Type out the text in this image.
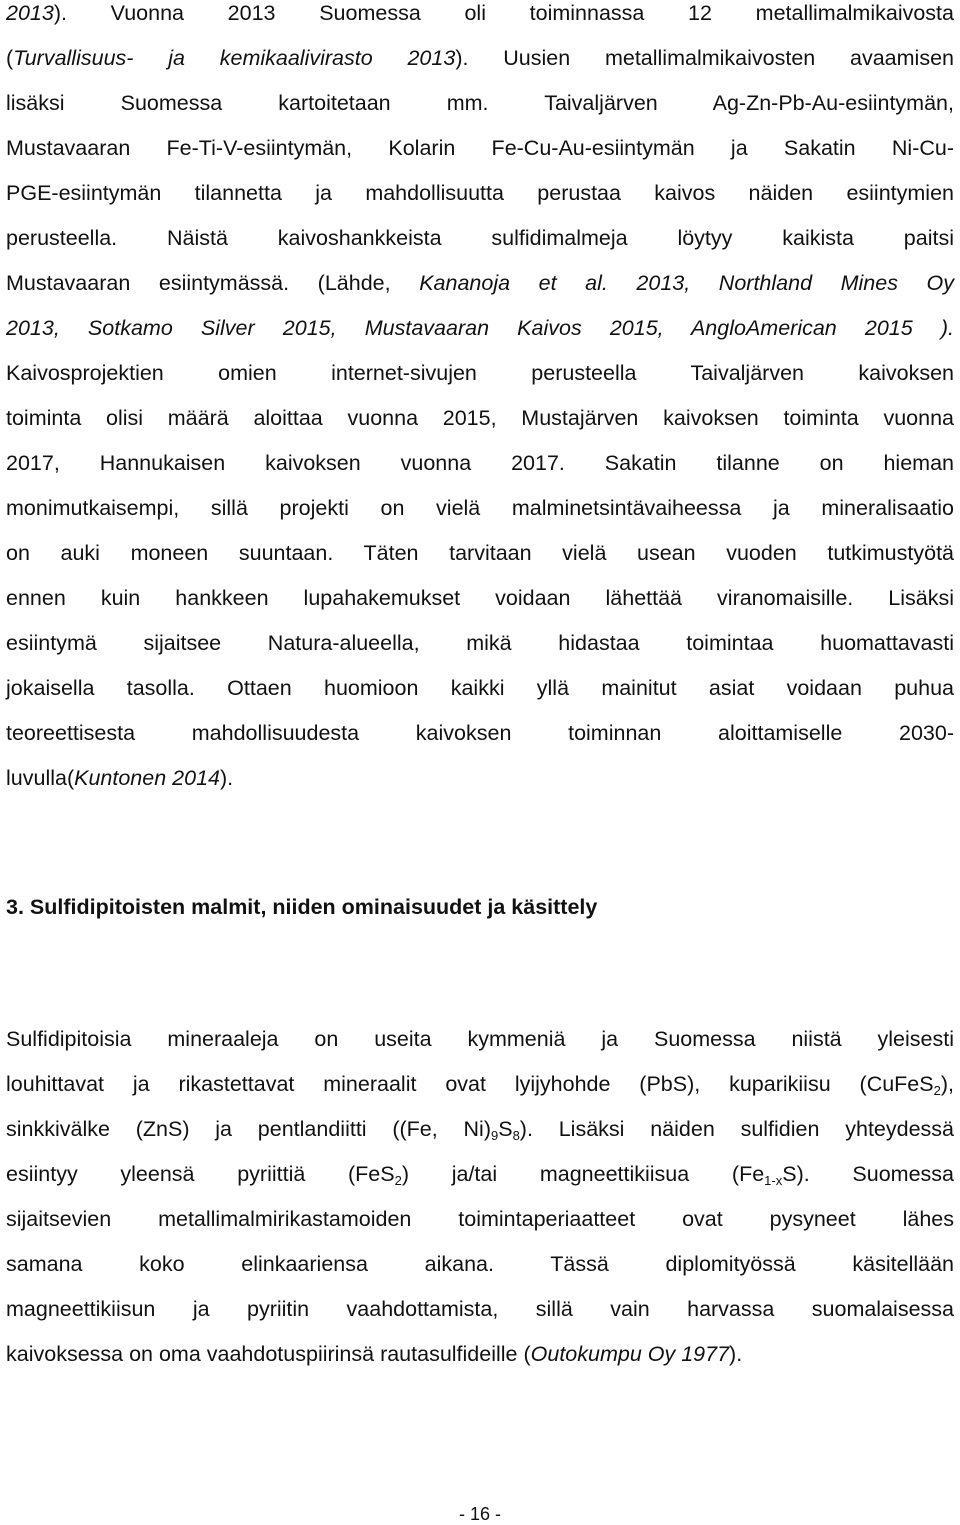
2013). Vuonna 2013 Suomessa oli toiminnassa 12 metallimalmikaivosta
(Turvallisuus- ja kemikaalivirasto 2013). Uusien metallimalmikaivosten avaamisen
lisäksi Suomessa kartoitetaan mm. Taivaljärven Ag-Zn-Pb-Au-esiintymän,
Mustavaaran Fe-Ti-V-esiintymän, Kolarin Fe-Cu-Au-esiintymän ja Sakatin Ni-Cu-
PGE-esiintymän tilannetta ja mahdollisuutta perustaa kaivos näiden esiintymien
perusteella. Näistä kaivoshankkeista sulfidimalmeja löytyy kaikista paitsi
Mustavaaran esiintymässä. (Lähde, Kananoja et al. 2013, Northland Mines Oy
2013, Sotkamo Silver 2015, Mustavaaran Kaivos 2015, AngloAmerican 2015 ).
Kaivosprojektien omien internet-sivujen perusteella Taivaljärven kaivoksen
toiminta olisi määrä aloittaa vuonna 2015, Mustajärven kaivoksen toiminta vuonna
2017, Hannukaisen kaivoksen vuonna 2017. Sakatin tilanne on hieman
monimutkaisempi, sillä projekti on vielä malminetsintävaiheessa ja mineralisaatio
on auki moneen suuntaan. Täten tarvitaan vielä usean vuoden tutkimustyötä
ennen kuin hankkeen lupahakemukset voidaan lähettää viranomaisille. Lisäksi
esiintymä sijaitsee Natura-alueella, mikä hidastaa toimintaa huomattavasti
jokaisella tasolla. Ottaen huomioon kaikki yllä mainitut asiat voidaan puhua
teoreettisesta mahdollisuudesta kaivoksen toiminnan aloittamiselle 2030-
luvulla(Kuntonen 2014).
3. Sulfidipitoisten malmit, niiden ominaisuudet ja käsittely
Sulfidipitoisia mineraaleja on useita kymmeniä ja Suomessa niistä yleisesti
louhittavat ja rikastettavat mineraalit ovat lyijyhohde (PbS), kuparikiisu (CuFeS$_2$),
sinkkivälke (ZnS) ja pentlandiitti ((Fe, $Ni)_9S_8$). Lisäksi näiden sulfidien yhteydessä
esiintyy yleensä pyriittiä (FeS$_2$) ja/tai magneettikiisua $(Fe_{1-x}S)$. Suomessa
sijaitsevien metallimalmirikastamoiden toimintaperiaatteet ovat pysyneet lähes
samana koko elinkaariensa aikana. Tässä diplomityössä käsitellään
magneettikiisun ja pyriitin vaahdottamista, sillä vain harvassa suomalaisessa
kaivoksessa on oma vaahdotuspiirinsä rautasulfideille (Outokumpu Oy 1977).
- 16 -
